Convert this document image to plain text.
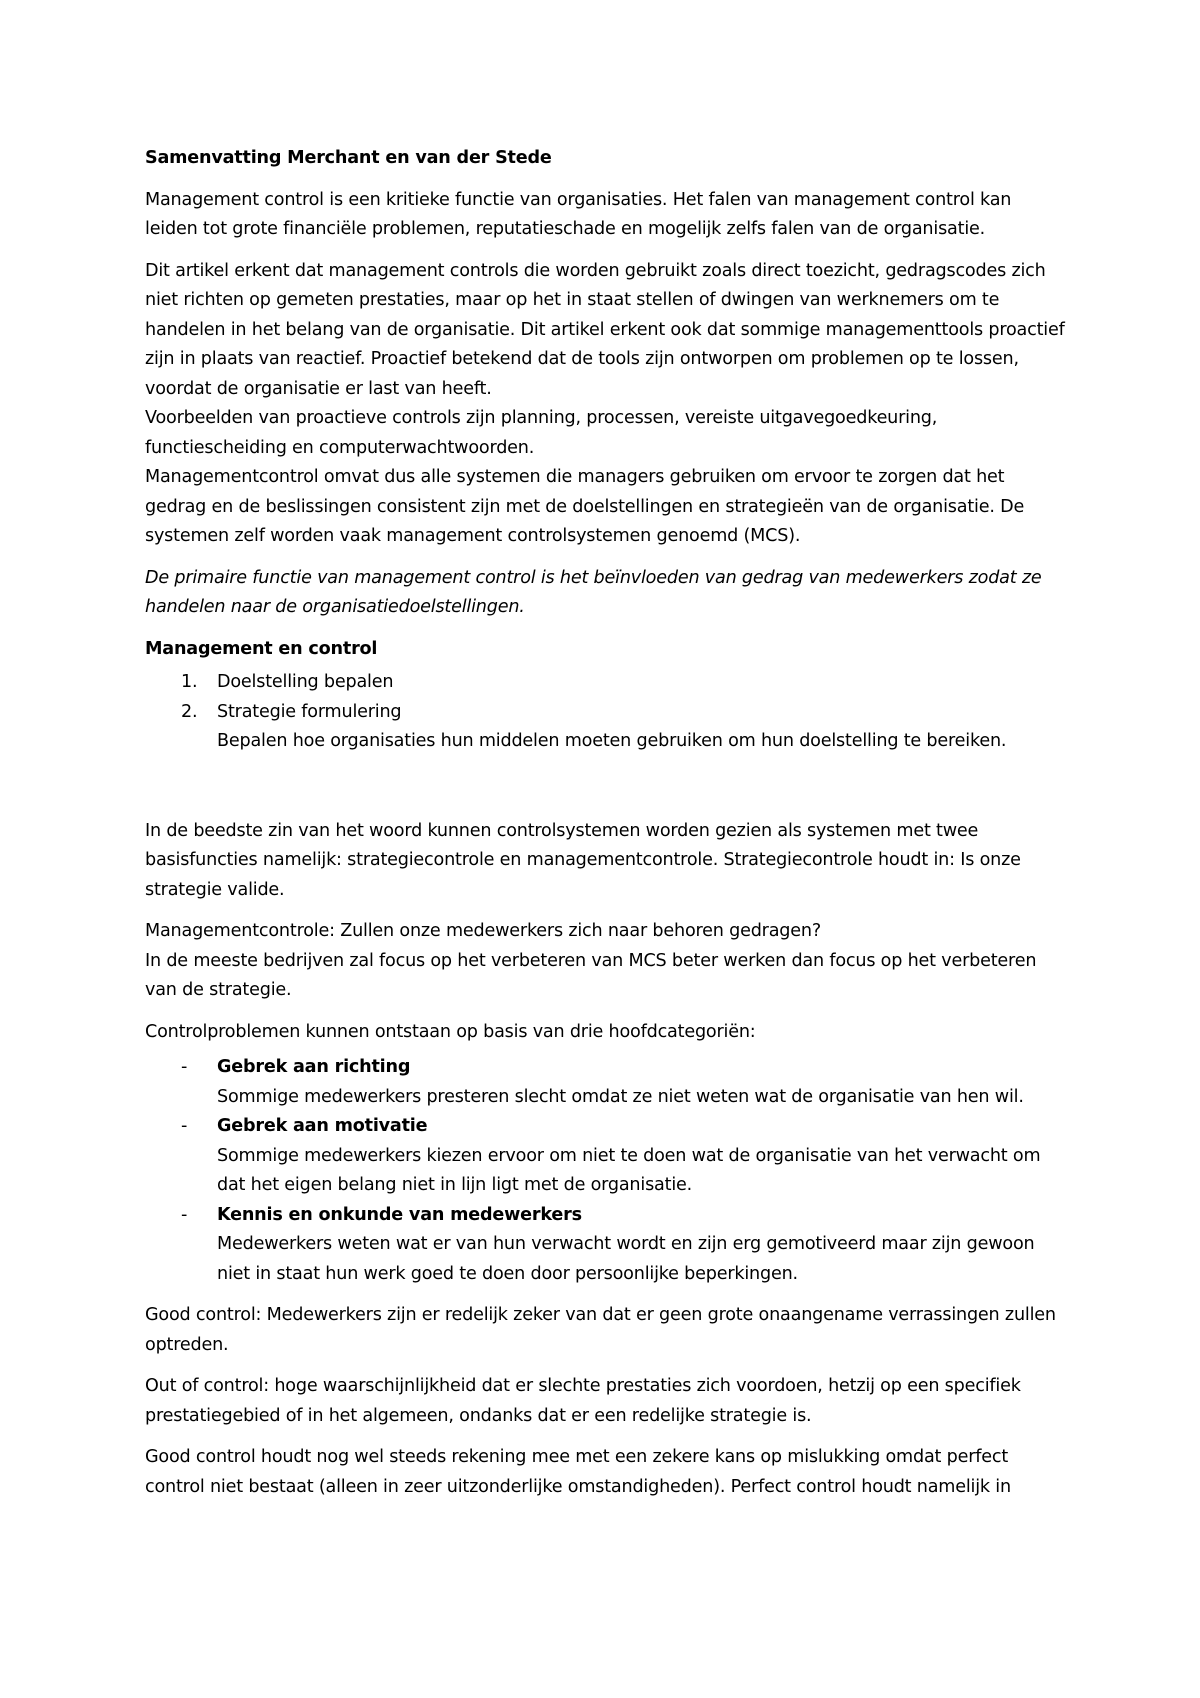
Samenvatting Merchant en van der Stede

Management control is een kritieke functie van organisaties. Het falen van management control kan leiden tot grote financiële problemen, reputatieschade en mogelijk zelfs falen van de organisatie.

Dit artikel erkent dat management controls die worden gebruikt zoals direct toezicht, gedragscodes zich niet richten op gemeten prestaties, maar op het in staat stellen of dwingen van werknemers om te handelen in het belang van de organisatie. Dit artikel erkent ook dat sommige managementtools proactief zijn in plaats van reactief. Proactief betekend dat de tools zijn ontworpen om problemen op te lossen, voordat de organisatie er last van heeft.

Voorbeelden van proactieve controls zijn planning, processen, vereiste uitgavegoedkeuring, functiescheiding en computerwachtwoorden.

Managementcontrol omvat dus alle systemen die managers gebruiken om ervoor te zorgen dat het gedrag en de beslissingen consistent zijn met de doelstellingen en strategieën van de organisatie. De systemen zelf worden vaak management controlsystemen genoemd (MCS).

De primaire functie van management control is het beïnvloeden van gedrag van medewerkers zodat ze handelen naar de organisatiedoelstellingen.

Management en control

1. Doelstelling bepalen
2. Strategie formulering
Bepalen hoe organisaties hun middelen moeten gebruiken om hun doelstelling te bereiken.

In de beedste zin van het woord kunnen controlsystemen worden gezien als systemen met twee basisfuncties namelijk: strategiecontrole en managementcontrole. Strategiecontrole houdt in: Is onze strategie valide.

Managementcontrole: Zullen onze medewerkers zich naar behoren gedragen?

In de meeste bedrijven zal focus op het verbeteren van MCS beter werken dan focus op het verbeteren van de strategie.

Controlproblemen kunnen ontstaan op basis van drie hoofdcategoriën:

- Gebrek aan richting
Sommige medewerkers presteren slecht omdat ze niet weten wat de organisatie van hen wil.
- Gebrek aan motivatie
Sommige medewerkers kiezen ervoor om niet te doen wat de organisatie van het verwacht om dat het eigen belang niet in lijn ligt met de organisatie.
- Kennis en onkunde van medewerkers
Medewerkers weten wat er van hun verwacht wordt en zijn erg gemotiveerd maar zijn gewoon niet in staat hun werk goed te doen door persoonlijke beperkingen.

Good control: Medewerkers zijn er redelijk zeker van dat er geen grote onaangename verrassingen zullen optreden.

Out of control: hoge waarschijnlijkheid dat er slechte prestaties zich voordoen, hetzij op een specifiek prestatiegebied of in het algemeen, ondanks dat er een redelijke strategie is.

Good control houdt nog wel steeds rekening mee met een zekere kans op mislukking omdat perfect control niet bestaat (alleen in zeer uitzonderlijke omstandigheden). Perfect control houdt namelijk in
